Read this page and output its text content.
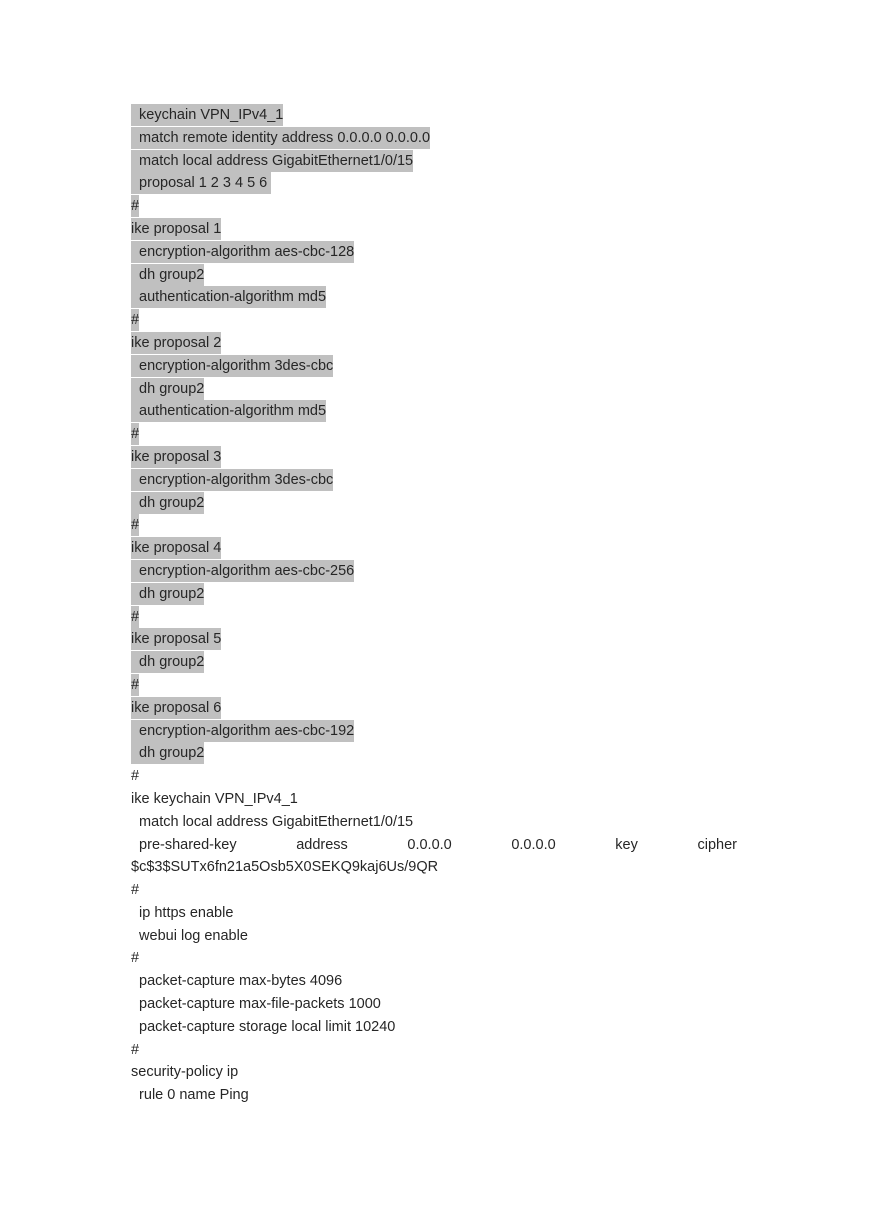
keychain VPN_IPv4_1
match remote identity address 0.0.0.0 0.0.0.0
match local address GigabitEthernet1/0/15
proposal 1 2 3 4 5 6
#
ike proposal 1
encryption-algorithm aes-cbc-128
dh group2
authentication-algorithm md5
#
ike proposal 2
encryption-algorithm 3des-cbc
dh group2
authentication-algorithm md5
#
ike proposal 3
encryption-algorithm 3des-cbc
dh group2
#
ike proposal 4
encryption-algorithm aes-cbc-256
dh group2
#
ike proposal 5
dh group2
#
ike proposal 6
encryption-algorithm aes-cbc-192
dh group2
#
ike keychain VPN_IPv4_1
match local address GigabitEthernet1/0/15
pre-shared-key	address	0.0.0.0	0.0.0.0	key	cipher
$c$3$SUTx6fn21a5Osb5X0SEKQ9kaj6Us/9QR
#
ip https enable
webui log enable
#
packet-capture max-bytes 4096
packet-capture max-file-packets 1000
packet-capture storage local limit 10240
#
security-policy ip
rule 0 name Ping
